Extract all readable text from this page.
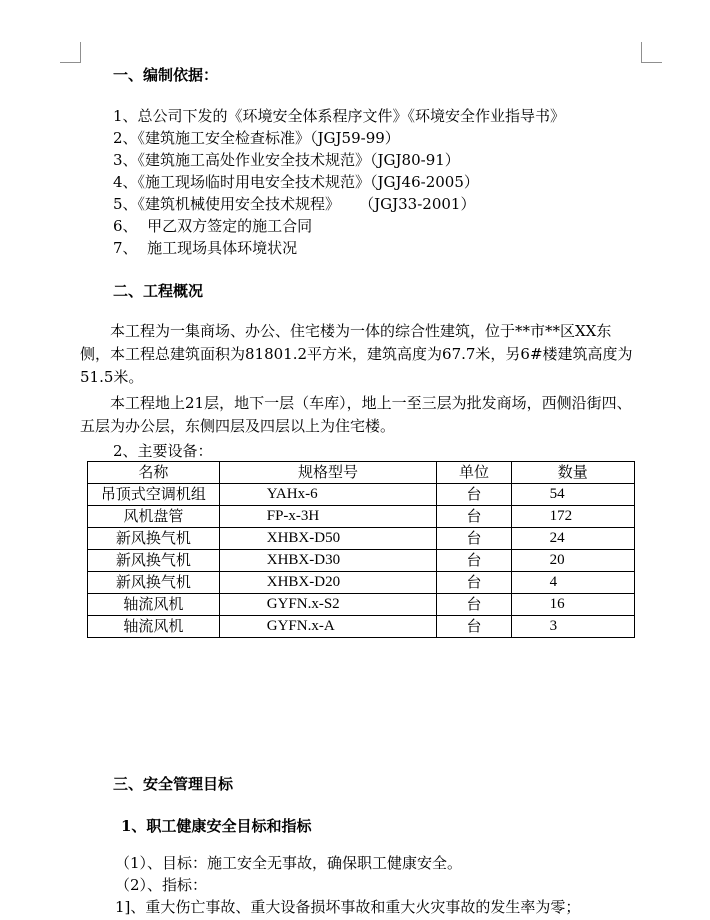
一、编制依据：
1、总公司下发的《环境安全体系程序文件》《环境安全作业指导书》
2、《建筑施工安全检查标准》（JGJ59-99）
3、《建筑施工高处作业安全技术规范》（JGJ80-91）
4、《施工现场临时用电安全技术规范》（JGJ46-2005）
5、《建筑机械使用安全技术规程》    （JGJ33-2001）
6、  甲乙双方签定的施工合同
7、  施工现场具体环境状况
二、工程概况

本工程为一集商场、办公、住宅楼为一体的综合性建筑，位于**市**区XX东侧，本工程总建筑面积为81801.2平方米，建筑高度为67.7米，另6#楼建筑高度为51.5米。

本工程地上21层，地下一层（车库），地上一至三层为批发商场，西侧沿街四、五层为办公层，东侧四层及四层以上为住宅楼。

2、主要设备：
名称	规格型号	单位	数量
吊顶式空调机组	YAHx-6	台	54
风机盘管	FP-x-3H	台	172
新风换气机	XHBX-D50	台	24
新风换气机	XHBX-D30	台	20
新风换气机	XHBX-D20	台	4
轴流风机	GYFN.x-S2	台	16
轴流风机	GYFN.x-A	台	3
三、安全管理目标
1、职工健康安全目标和指标
（1）、目标：施工安全无事故，确保职工健康安全。
（2）、指标：
1]、重大伤亡事故、重大设备损坏事故和重大火灾事故的发生率为零；
